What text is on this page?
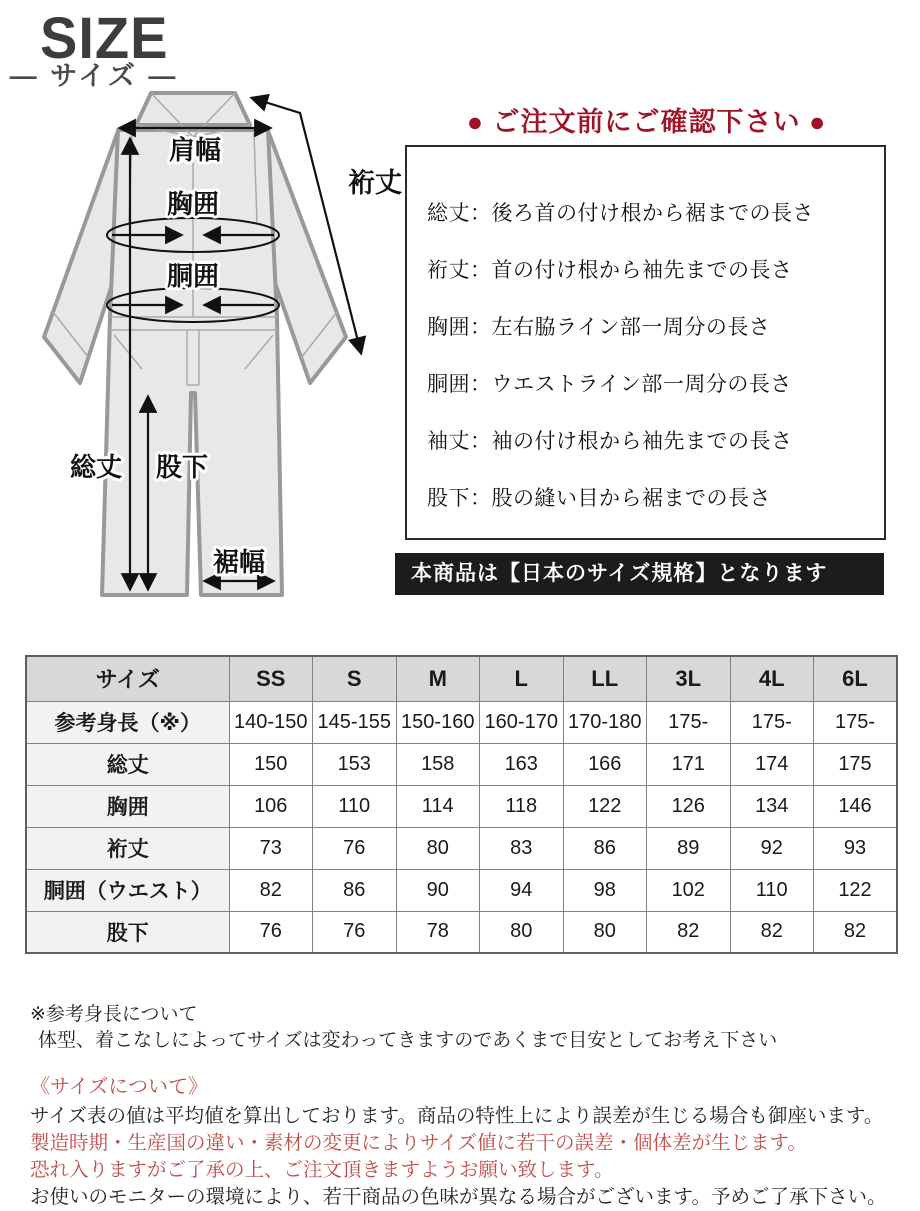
SIZE
— サイズ —
肩幅
裄丈
胸囲
胴囲
総丈 股下
裾幅
● ご注文前にご確認下さい ●
総丈 ： 後ろ首の付け根から裾までの長さ
裄丈 ： 首の付け根から袖先までの長さ
胸囲 ： 左右脇ライン部一周分の長さ
胴囲 ： ウエストライン部一周分の長さ
袖丈 ： 袖の付け根から袖先までの長さ
股下 ： 股の縫い目から裾までの長さ
本商品は【日本のサイズ規格】となります
サイズ	SS	S	M	L	LL	3L	4L	6L
参考身長（※）	140-150	145-155	150-160	160-170	170-180	175-	175-	175-
総丈	150	153	158	163	166	171	174	175
胸囲	106	110	114	118	122	126	134	146
裄丈	73	76	80	83	86	89	92	93
胴囲（ウエスト）	82	86	90	94	98	102	110	122
股下	76	76	78	80	80	82	82	82
※参考身長について
体型、着こなしによってサイズは変わってきますのであくまで目安としてお考え下さい
《サイズについて》
サイズ表の値は平均値を算出しております。商品の特性上により誤差が生じる場合も御座います。
製造時期・生産国の違い・素材の変更によりサイズ値に若干の誤差・個体差が生じます。
恐れ入りますがご了承の上、ご注文頂きますようお願い致します。
お使いのモニターの環境により、若干商品の色味が異なる場合がございます。予めご了承下さい。
